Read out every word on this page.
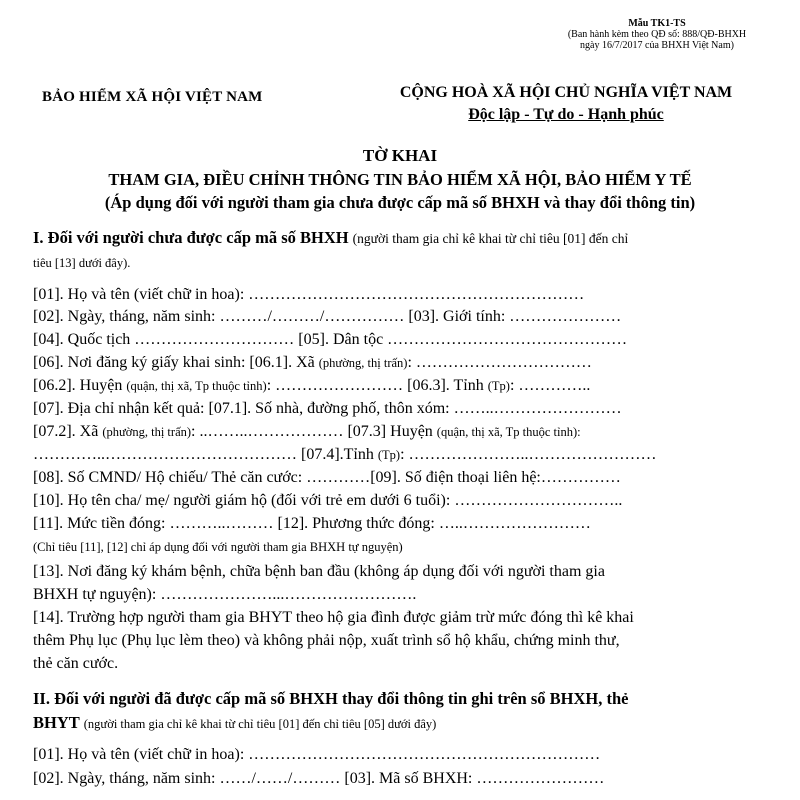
Mẫu TK1-TS
(Ban hành kèm theo QĐ số: 888/QĐ-BHXH
ngày 16/7/2017 của BHXH Việt Nam)
BẢO HIỂM XÃ HỘI VIỆT NAM	CỘNG HOÀ XÃ HỘI CHỦ NGHĨA VIỆT NAM
Độc lập - Tự do - Hạnh phúc
TỜ KHAI
THAM GIA, ĐIỀU CHỈNH THÔNG TIN BẢO HIỂM XÃ HỘI, BẢO HIỂM Y TẾ
(Áp dụng đối với người tham gia chưa được cấp mã số BHXH và thay đổi thông tin)
I. Đối với người chưa được cấp mã số BHXH (người tham gia chỉ kê khai từ chỉ tiêu [01] đến chỉ
tiêu [13] dưới đây).
[01]. Họ và tên (viết chữ in hoa): ………………………………………………………
[02]. Ngày, tháng, năm sinh: ………/………/…………… [03]. Giới tính: …………………
[04]. Quốc tịch ………………………… [05]. Dân tộc ………………………………………
[06]. Nơi đăng ký giấy khai sinh: [06.1]. Xã (phường, thị trấn): ……………………………
[06.2]. Huyện (quận, thị xã, Tp thuộc tỉnh): …………………… [06.3]. Tỉnh (Tp): …………..
[07]. Địa chỉ nhận kết quả: [07.1]. Số nhà, đường phố, thôn xóm: ……..……………………
[07.2]. Xã (phường, thị trấn): ..……..……………… [07.3] Huyện (quận, thị xã, Tp thuộc tỉnh):
…………..……………………………… [07.4].Tỉnh (Tp): …………………..……………………
[08]. Số CMND/ Hộ chiếu/ Thẻ căn cước: …………[09]. Số điện thoại liên hệ:……………
[10]. Họ tên cha/ mẹ/ người giám hộ (đối với trẻ em dưới 6 tuổi): …………………………..
[11]. Mức tiền đóng: ………..……… [12]. Phương thức đóng: …..……………………
(Chỉ tiêu [11], [12] chỉ áp dụng đối với người tham gia BHXH tự nguyện)
[13]. Nơi đăng ký khám bệnh, chữa bệnh ban đầu (không áp dụng đối với người tham gia
BHXH tự nguyện): …………………...…………………….
[14]. Trường hợp người tham gia BHYT theo hộ gia đình được giảm trừ mức đóng thì kê khai
thêm Phụ lục (Phụ lục lèm theo) và không phải nộp, xuất trình sổ hộ khẩu, chứng minh thư,
thẻ căn cước.
II. Đối với người đã được cấp mã số BHXH thay đổi thông tin ghi trên sổ BHXH, thẻ
BHYT (người tham gia chỉ kê khai từ chỉ tiêu [01] đến chỉ tiêu [05] dưới đây)
[01]. Họ và tên (viết chữ in hoa): …………………………………………………………
[02]. Ngày, tháng, năm sinh: ……/……/……… [03]. Mã số BHXH: ……………………
